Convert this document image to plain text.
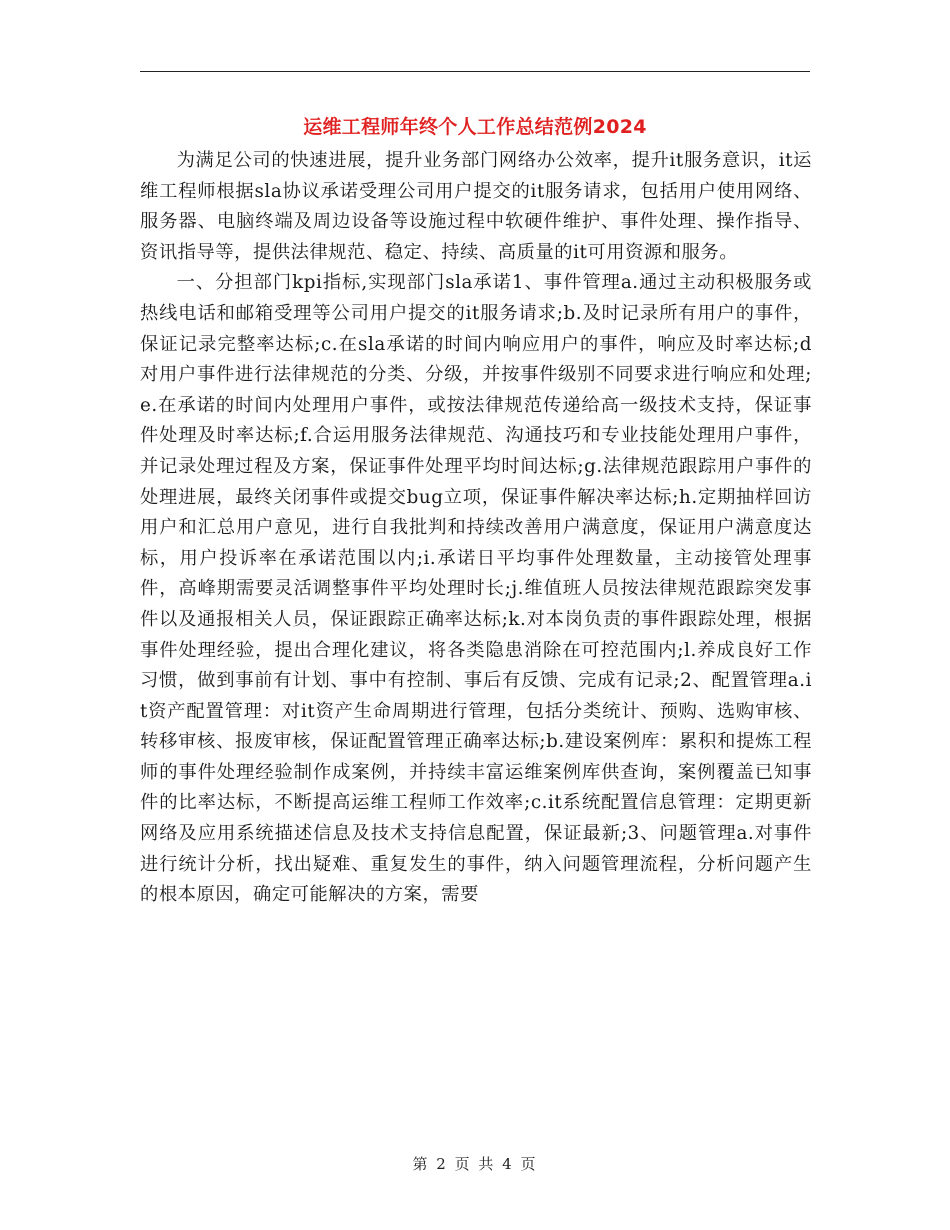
运维工程师年终个人工作总结范例2024

为满足公司的快速进展，提升业务部门网络办公效率，提升it服务意识，it运维工程师根据sla协议承诺受理公司用户提交的it服务请求，包括用户使用网络、服务器、电脑终端及周边设备等设施过程中软硬件维护、事件处理、操作指导、资讯指导等，提供法律规范、稳定、持续、高质量的it可用资源和服务。

一、分担部门kpi指标,实现部门sla承诺1、事件管理a.通过主动积极服务或热线电话和邮箱受理等公司用户提交的it服务请求;b.及时记录所有用户的事件，保证记录完整率达标;c.在sla承诺的时间内响应用户的事件，响应及时率达标;d 对用户事件进行法律规范的分类、分级，并按事件级别不同要求进行响应和处理;e.在承诺的时间内处理用户事件，或按法律规范传递给高一级技术支持，保证事件处理及时率达标;f.合运用服务法律规范、沟通技巧和专业技能处理用户事件，并记录处理过程及方案，保证事件处理平均时间达标;g.法律规范跟踪用户事件的处理进展，最终关闭事件或提交bug立项，保证事件解决率达标;h.定期抽样回访用户和汇总用户意见，进行自我批判和持续改善用户满意度，保证用户满意度达标，用户投诉率在承诺范围以内;i.承诺日平均事件处理数量，主动接管处理事件，高峰期需要灵活调整事件平均处理时长;j.维值班人员按法律规范跟踪突发事件以及通报相关人员，保证跟踪正确率达标;k.对本岗负责的事件跟踪处理，根据事件处理经验，提出合理化建议，将各类隐患消除在可控范围内;l.养成良好工作习惯，做到事前有计划、事中有控制、事后有反馈、完成有记录;2、配置管理a.it资产配置管理：对it资产生命周期进行管理，包括分类统计、预购、选购审核、转移审核、报废审核，保证配置管理正确率达标;b.建设案例库：累积和提炼工程师的事件处理经验制作成案例，并持续丰富运维案例库供查询，案例覆盖已知事件的比率达标，不断提高运维工程师工作效率;c.it系统配置信息管理：定期更新网络及应用系统描述信息及技术支持信息配置，保证最新;3、问题管理a.对事件进行统计分析，找出疑难、重复发生的事件，纳入问题管理流程，分析问题产生的根本原因，确定可能解决的方案，需要

第 2 页 共 4 页
